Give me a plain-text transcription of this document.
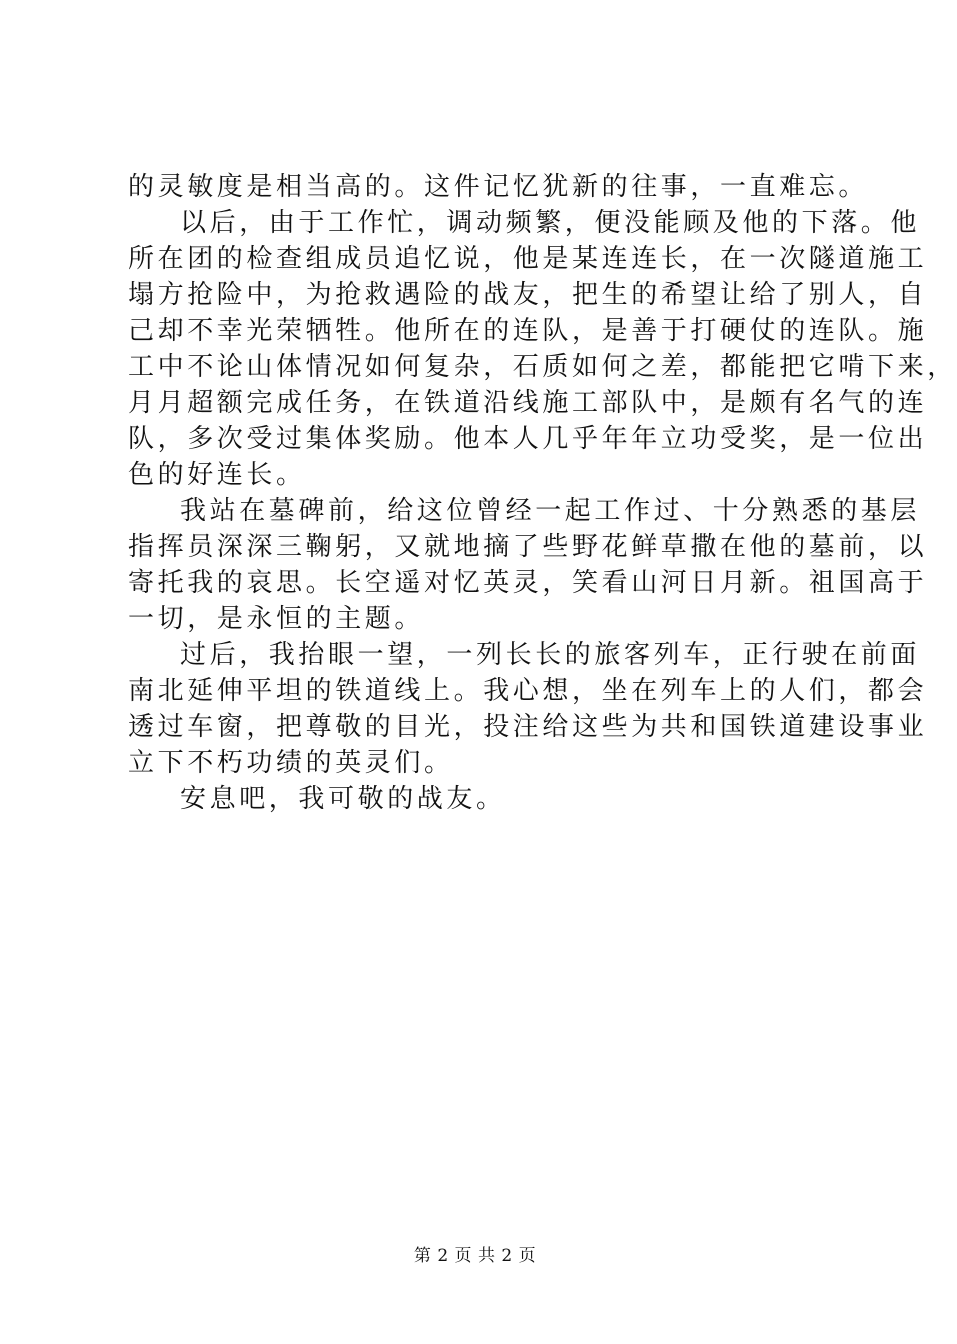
的灵敏度是相当高的。这件记忆犹新的往事，一直难忘。
以后，由于工作忙，调动频繁，便没能顾及他的下落。他
所在团的检查组成员追忆说，他是某连连长，在一次隧道施工
塌方抢险中，为抢救遇险的战友，把生的希望让给了别人，自
己却不幸光荣牺牲。他所在的连队，是善于打硬仗的连队。施
工中不论山体情况如何复杂，石质如何之差，都能把它啃下来，
月月超额完成任务，在铁道沿线施工部队中，是颇有名气的连
队，多次受过集体奖励。他本人几乎年年立功受奖，是一位出
色的好连长。
我站在墓碑前，给这位曾经一起工作过、十分熟悉的基层
指挥员深深三鞠躬，又就地摘了些野花鲜草撒在他的墓前，以
寄托我的哀思。长空遥对忆英灵，笑看山河日月新。祖国高于
一切，是永恒的主题。
过后，我抬眼一望，一列长长的旅客列车，正行驶在前面
南北延伸平坦的铁道线上。我心想，坐在列车上的人们，都会
透过车窗，把尊敬的目光，投注给这些为共和国铁道建设事业
立下不朽功绩的英灵们。
安息吧，我可敬的战友。
第 2 页 共 2 页
